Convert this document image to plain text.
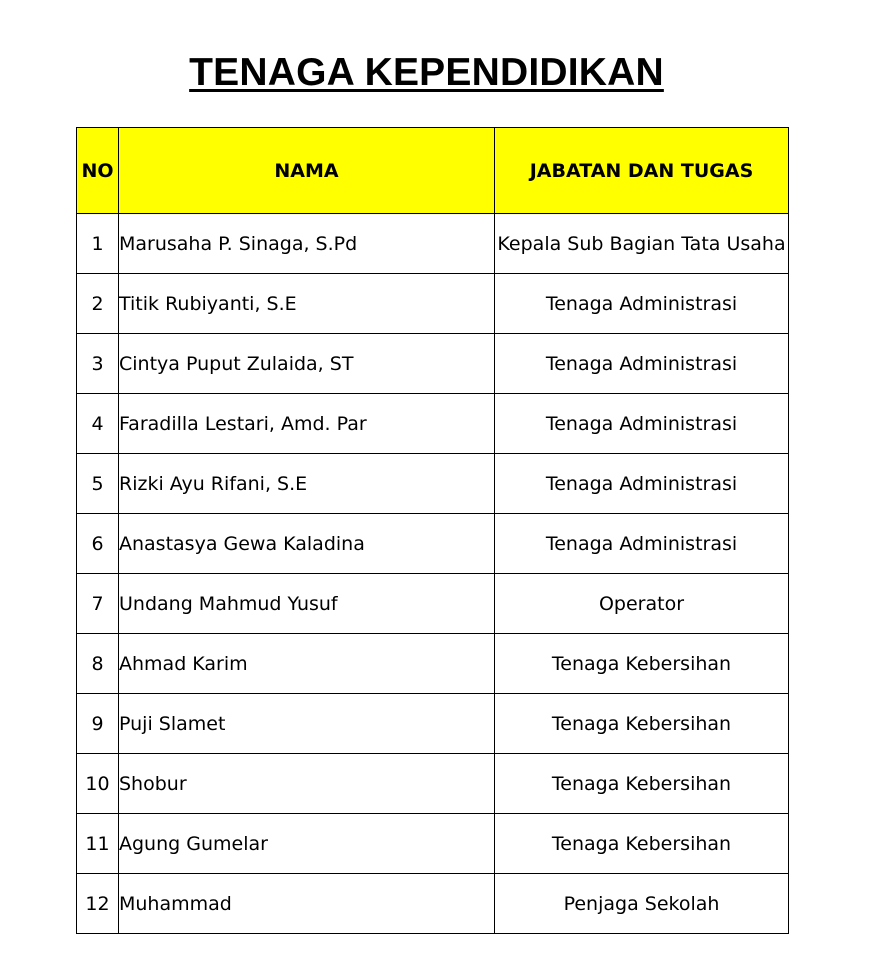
TENAGA KEPENDIDIKAN
NO	NAMA	JABATAN DAN TUGAS
1	Marusaha P. Sinaga, S.Pd	Kepala Sub Bagian Tata Usaha
2	Titik Rubiyanti, S.E	Tenaga Administrasi
3	Cintya Puput Zulaida, ST	Tenaga Administrasi
4	Faradilla Lestari, Amd. Par	Tenaga Administrasi
5	Rizki Ayu Rifani, S.E	Tenaga Administrasi
6	Anastasya Gewa Kaladina	Tenaga Administrasi
7	Undang Mahmud Yusuf	Operator
8	Ahmad Karim	Tenaga Kebersihan
9	Puji Slamet	Tenaga Kebersihan
10	Shobur	Tenaga Kebersihan
11	Agung Gumelar	Tenaga Kebersihan
12	Muhammad	Penjaga Sekolah
